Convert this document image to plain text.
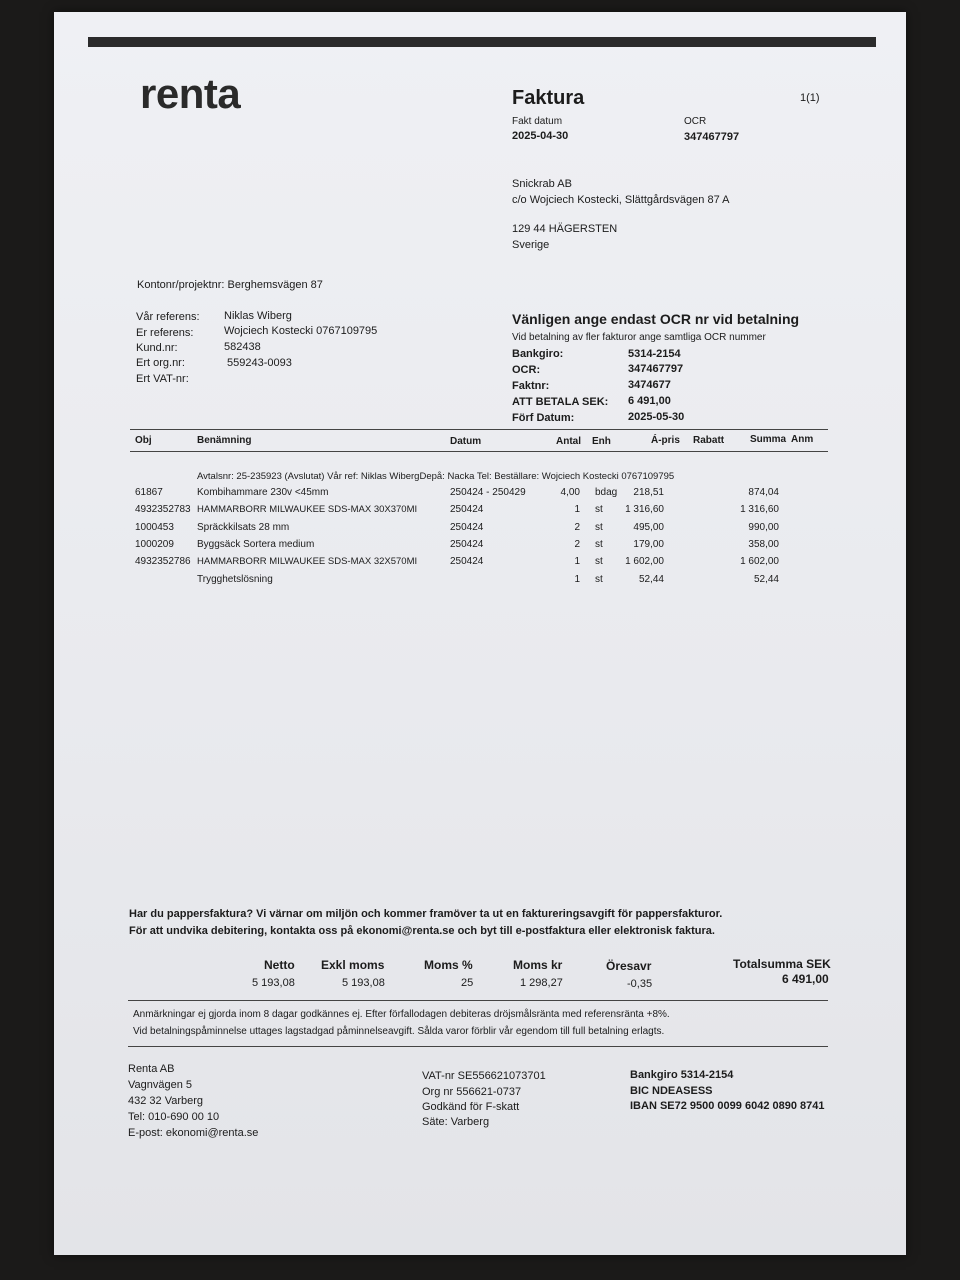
renta	Faktura	1(1)
Fakt datum	OCR
2025-04-30	347467797
Snickrab AB
c/o Wojciech Kostecki, Slättgårdsvägen 87 A
129 44 HÄGERSTEN
Sverige
Kontonr/projektnr: Berghemsvägen 87
Vår referens: Niklas Wiberg
Er referens:	Wojciech Kostecki 0767109795
Kund.nr:	582438
Ert org.nr:	559243-0093
Ert VAT-nr:
Vänligen ange endast OCR nr vid betalning
Vid betalning av fler fakturor ange samtliga OCR nummer
Bankgiro:	5314-2154
OCR:	347467797
Faktnr:	3474677
ATT BETALA SEK: 6 491,00
Förf Datum:	2025-05-30
Obj	Benämning	Datum	Antal Enh	Á-pris Rabatt	Summa Anm
Avtalsnr: 25-235923 (Avslutat) Vår ref: Niklas WibergDepå: Nacka Tel: Beställare: Wojciech Kostecki 0767109795
61867	Kombihammare 230v <45mm	250424 - 250429	4,00 bdag	218,51	874,04
4932352783 HAMMARBORR MILWAUKEE SDS-MAX 30X370MI	250424	1 st	1 316,60	1 316,60
1000453 Spräckkilsats 28 mm	250424	2 st	495,00	990,00
1000209 Byggsäck Sortera medium	250424	2 st	179,00	358,00
4932352786 HAMMARBORR MILWAUKEE SDS-MAX 32X570MI	250424	1 st	1 602,00	1 602,00
Trygghetslösning	1 st	52,44	52,44
Har du pappersfaktura? Vi värnar om miljön och kommer framöver ta ut en faktureringsavgift för pappersfakturor.
För att undvika debitering, kontakta oss på ekonomi@renta.se och byt till e-postfaktura eller elektronisk faktura.
Netto
5 193,08
Exkl moms
5 193,08
Moms %
25
Moms kr
1 298,27
Öresavr
-0,35
Totalsumma SEK
6 491,00
Anmärkningar ej gjorda inom 8 dagar godkännes ej. Efter förfallodagen debiteras dröjsmålsränta med referensränta +8%.
Vid betalningspåminnelse uttages lagstadgad påminnelseavgift. Sålda varor förblir vår egendom till full betalning erlagts.
Renta AB
Vagnvägen 5
432 32 Varberg
Tel: 010-690 00 10
E-post: ekonomi@renta.se
VAT-nr SE556621073701
Org nr 556621-0737
Godkänd för F-skatt
Säte: Varberg
Bankgiro 5314-2154
BIC NDEASESS
IBAN SE72 9500 0099 6042 0890 8741
